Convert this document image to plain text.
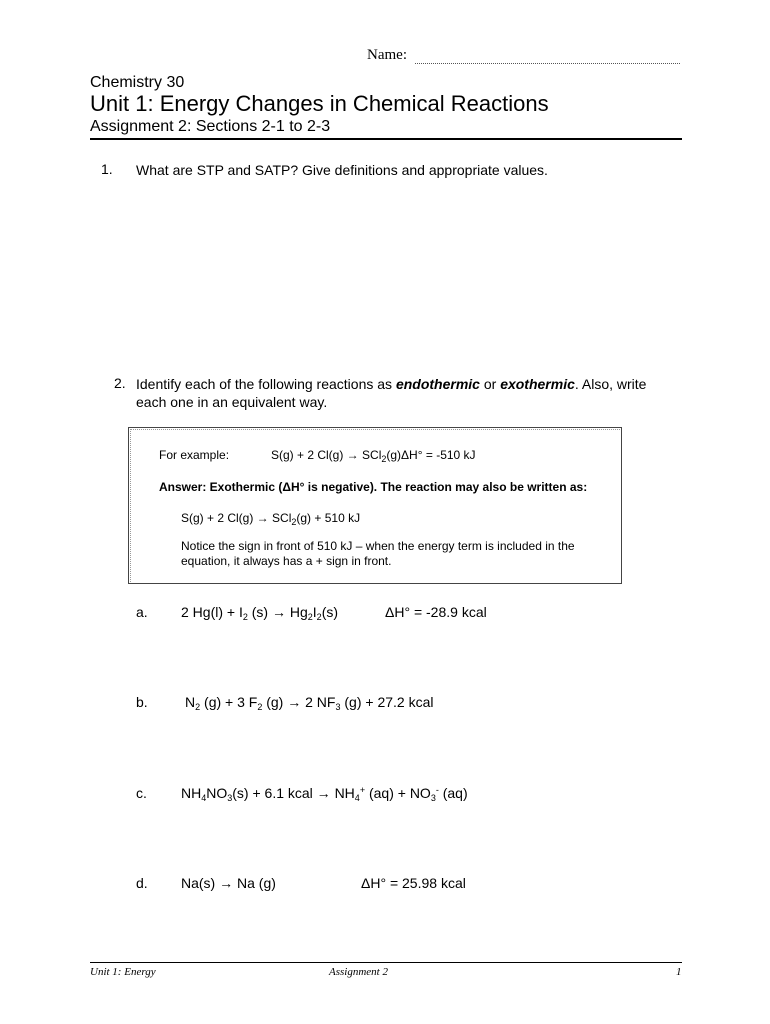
Name:
Chemistry 30
Unit 1: Energy Changes in Chemical Reactions
Assignment 2: Sections 2-1 to 2-3
1. What are STP and SATP? Give definitions and appropriate values.
2. Identify each of the following reactions as endothermic or exothermic. Also, write each one in an equivalent way.
For example:	S(g) + 2 Cl(g) → SCl$_2$(g)ΔH° = -510 kJ
Answer: Exothermic (ΔH° is negative). The reaction may also be written as:
S(g) + 2 Cl(g) → SCl$_2$(g) + 510 kJ
Notice the sign in front of 510 kJ – when the energy term is included in the equation, it always has a + sign in front.
a. 2 $Hg(l) + I_2$ $(s) \to Hg_2I_2(s)$	ΔH° = -28.9 kcal
b.	$N_2$ (g) + 3 $F_2$ (g) → 2 $NF_3$ (g) + 27.2 kcal
c. $NH_4NO_3(s) + 6.1$ kcal → $NH_4^+$ $(aq) + NO_3^-$ (aq)
d. Na(s) → Na (g)	ΔH° = 25.98 kcal
Unit 1: Energy	Assignment 2	1
